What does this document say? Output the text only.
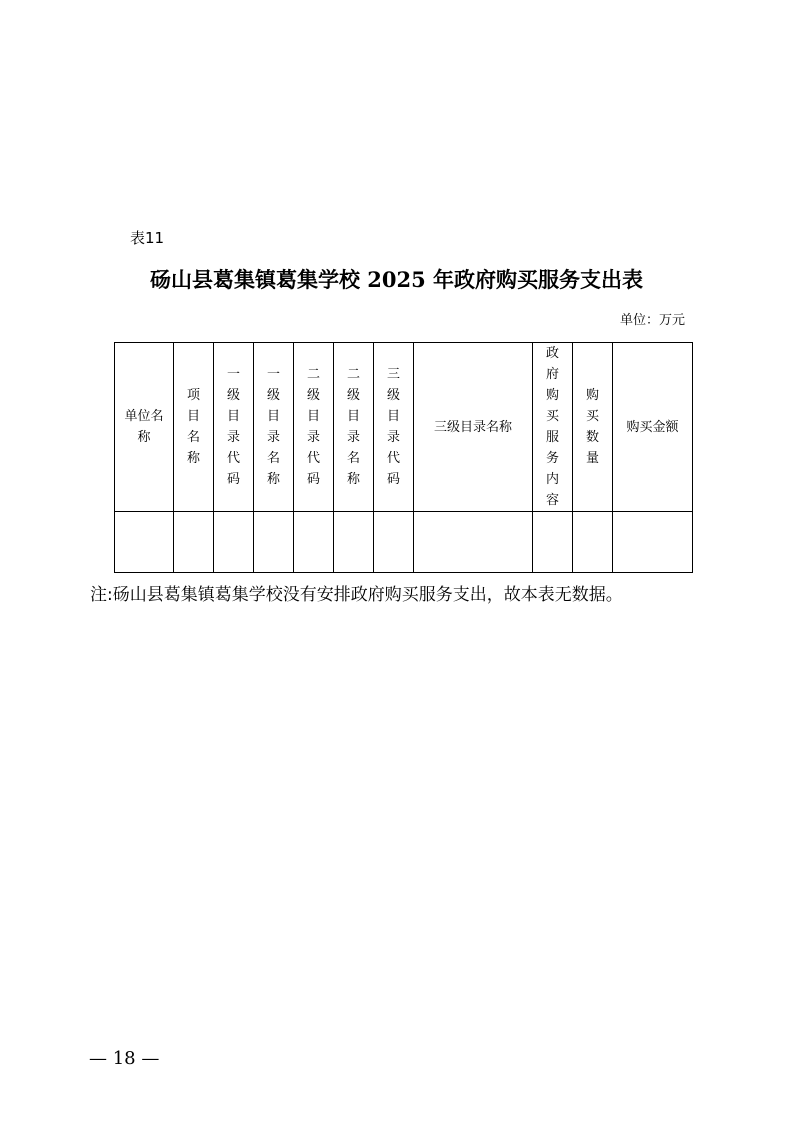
表11
砀山县葛集镇葛集学校 2025 年政府购买服务支出表
单位：万元
单位名称	项目名称	一级目录代码	一级目录名称	二级目录代码	二级目录名称	三级目录代码	三级目录名称	政府购买服务内容	购买数量	购买金额

注:砀山县葛集镇葛集学校没有安排政府购买服务支出，故本表无数据。
— 18 —
